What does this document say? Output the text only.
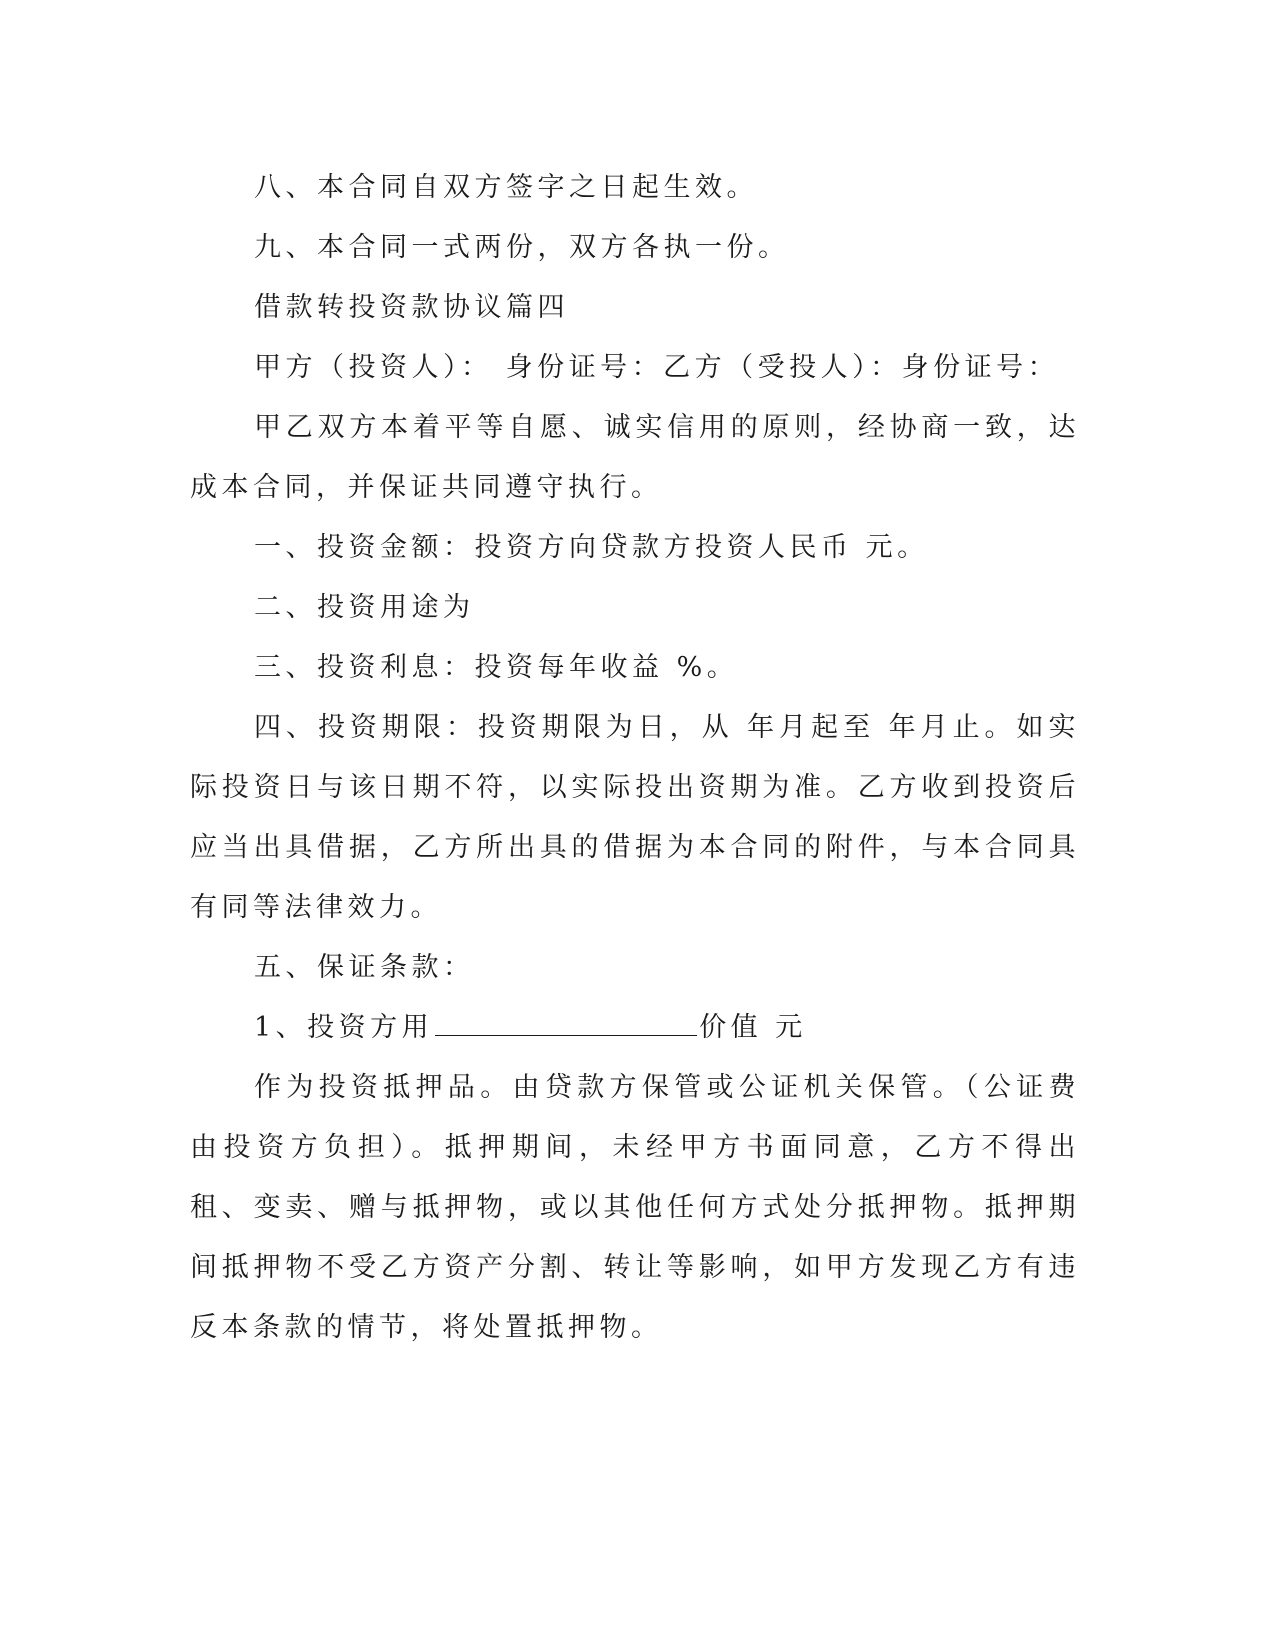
八、本合同自双方签字之日起生效。

九、本合同一式两份，双方各执一份。

借款转投资款协议篇四

甲方（投资人）： 身份证号：乙方（受投人）：身份证号：

甲乙双方本着平等自愿、诚实信用的原则，经协商一致，达成本合同，并保证共同遵守执行。

一、投资金额：投资方向贷款方投资人民币 元。

二、投资用途为

三、投资利息：投资每年收益 %。

四、投资期限：投资期限为日，从 年月起至 年月止。如实际投资日与该日期不符，以实际投出资期为准。乙方收到投资后应当出具借据，乙方所出具的借据为本合同的附件，与本合同具有同等法律效力。

五、保证条款：

1、投资方用	价值 元

作为投资抵押品。由贷款方保管或公证机关保管。（公证费由投资方负担）。抵押期间，未经甲方书面同意，乙方不得出租、变卖、赠与抵押物，或以其他任何方式处分抵押物。抵押期间抵押物不受乙方资产分割、转让等影响，如甲方发现乙方有违反本条款的情节，将处置抵押物。
